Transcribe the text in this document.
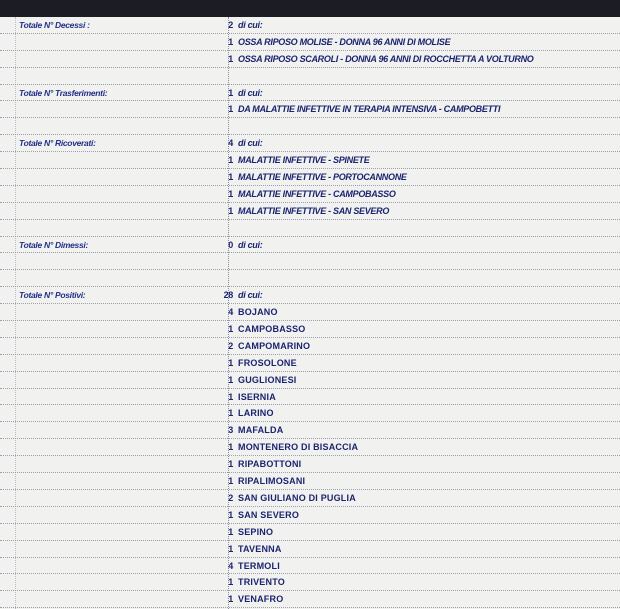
Totale N° Decessi :	2 di cui:
1 OSSA RIPOSO MOLISE - DONNA 96 ANNI DI MOLISE
1 OSSA RIPOSO SCAROLI - DONNA 96 ANNI DI ROCCHETTA A VOLTURNO
Totale N° Trasferimenti:	1 di cui:
1 DA MALATTIE INFETTIVE IN TERAPIA INTENSIVA - CAMPOBETTI
Totale N° Ricoverati:	4 di cui:
1 MALATTIE INFETTIVE - SPINETE
1 MALATTIE INFETTIVE - PORTOCANNONE
1 MALATTIE INFETTIVE - CAMPOBASSO
1 MALATTIE INFETTIVE - SAN SEVERO
Totale N° Dimessi:	0 di cui:
Totale N° Positivi:	28 di cui:
4 BOJANO
1 CAMPOBASSO
2 CAMPOMARINO
1 FROSOLONE
1 GUGLIONESI
1 ISERNIA
1 LARINO
3 MAFALDA
1 MONTENERO DI BISACCIA
1 RIPABOTTONI
1 RIPALIMOSANI
2 SAN GIULIANO DI PUGLIA
1 SAN SEVERO
1 SEPINO
1 TAVENNA
4 TERMOLI
1 TRIVENTO
1 VENAFRO
